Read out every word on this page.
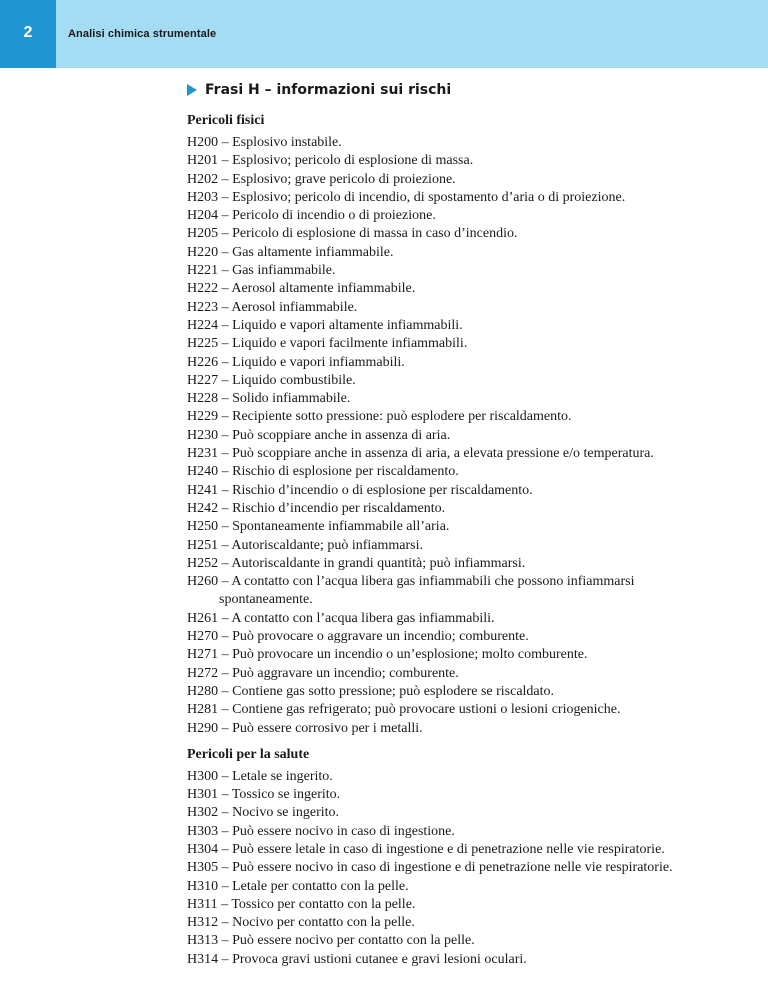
2	Analisi chimica strumentale
Frasi H – informazioni sui rischi
Pericoli fisici
H200 – Esplosivo instabile.
H201 – Esplosivo; pericolo di esplosione di massa.
H202 – Esplosivo; grave pericolo di proiezione.
H203 – Esplosivo; pericolo di incendio, di spostamento d’aria o di proiezione.
H204 – Pericolo di incendio o di proiezione.
H205 – Pericolo di esplosione di massa in caso d’incendio.
H220 – Gas altamente infiammabile.
H221 – Gas infiammabile.
H222 – Aerosol altamente infiammabile.
H223 – Aerosol infiammabile.
H224 – Liquido e vapori altamente infiammabili.
H225 – Liquido e vapori facilmente infiammabili.
H226 – Liquido e vapori infiammabili.
H227 – Liquido combustibile.
H228 – Solido infiammabile.
H229 – Recipiente sotto pressione: può esplodere per riscaldamento.
H230 – Può scoppiare anche in assenza di aria.
H231 – Può scoppiare anche in assenza di aria, a elevata pressione e/o temperatura.
H240 – Rischio di esplosione per riscaldamento.
H241 – Rischio d’incendio o di esplosione per riscaldamento.
H242 – Rischio d’incendio per riscaldamento.
H250 – Spontaneamente infiammabile all’aria.
H251 – Autoriscaldante; può infiammarsi.
H252 – Autoriscaldante in grandi quantità; può infiammarsi.
H260 – A contatto con l’acqua libera gas infiammabili che possono infiammarsi spontaneamente.
H261 – A contatto con l’acqua libera gas infiammabili.
H270 – Può provocare o aggravare un incendio; comburente.
H271 – Può provocare un incendio o un’esplosione; molto comburente.
H272 – Può aggravare un incendio; comburente.
H280 – Contiene gas sotto pressione; può esplodere se riscaldato.
H281 – Contiene gas refrigerato; può provocare ustioni o lesioni criogeniche.
H290 – Può essere corrosivo per i metalli.
Pericoli per la salute
H300 – Letale se ingerito.
H301 – Tossico se ingerito.
H302 – Nocivo se ingerito.
H303 – Può essere nocivo in caso di ingestione.
H304 – Può essere letale in caso di ingestione e di penetrazione nelle vie respiratorie.
H305 – Può essere nocivo in caso di ingestione e di penetrazione nelle vie respiratorie.
H310 – Letale per contatto con la pelle.
H311 – Tossico per contatto con la pelle.
H312 – Nocivo per contatto con la pelle.
H313 – Può essere nocivo per contatto con la pelle.
H314 – Provoca gravi ustioni cutanee e gravi lesioni oculari.
